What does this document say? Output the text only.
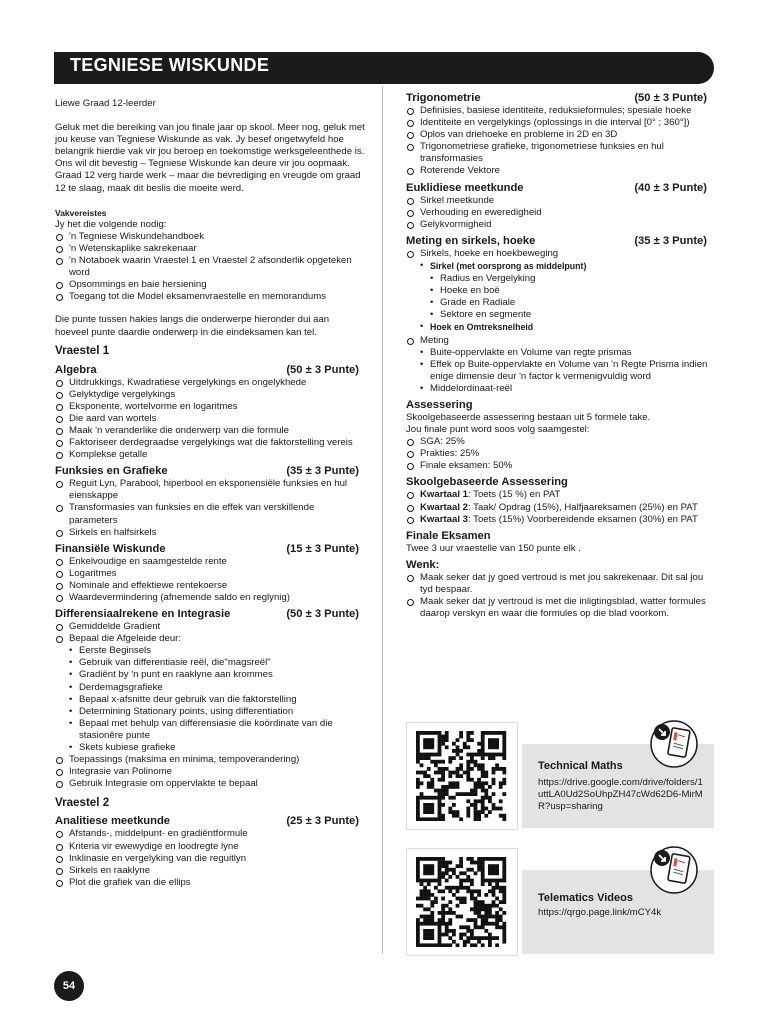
TEGNIESE WISKUNDE

Liewe Graad 12-leerder

Geluk met die bereiking van jou finale jaar op skool. Meer nog, geluk met jou keuse van Tegniese Wiskunde as vak. Jy besef ongetwyfeld hoe belangrik hierdie vak vir jou beroep en toekomstige werksgeleenthede is. Ons wil dit bevestig – Tegniese Wiskunde kan deure vir jou oopmaak. Graad 12 verg harde werk – maar die bevrediging en vreugde om graad 12 te slaag, maak dit beslis die moeite werd.

Vakvereistes

Jy het die volgende nodig:

'n Tegniese Wiskundehandboek
'n Wetenskaplike sakrekenaar
'n Notaboek waarin Vraestel 1 en Vraestel 2 afsonderlik opgeteken word
Opsommings en baie hersiening
Toegang tot die Model eksamenvraestelle en memorandums

Die punte tussen hakies langs die onderwerpe hieronder dui aan hoeveel punte daardie onderwerp in die eindeksamen kan tel.

Vraestel 1
Algebra	(50 ± 3 Punte)
Uitdrukkings, Kwadratiese vergelykings en ongelykhede
Gelyktydige vergelykings
Eksponente, wortelvorme en logaritmes
Die aard van wortels
Maak 'n veranderlike die onderwerp van die formule
Faktoriseer derdegraadse vergelykings wat die faktorstelling vereis
Komplekse getalle
Funksies en Grafieke	(35 ± 3 Punte)
Reguit Lyn, Parabool, hiperbool en eksponensiële funksies en hul eienskappe
Transformasies van funksies en die effek van verskillende parameters
Sirkels en halfsirkels
Finansiële Wiskunde	(15 ± 3 Punte)
Enkelvoudige en saamgestelde rente
Logaritmes
Nominale and effektiewe rentekoerse
Waardevermindering (afnemende saldo en reglynig)
Differensiaalrekene en Integrasie	(50 ± 3 Punte)
Gemiddelde Gradient
Bepaal die Afgeleide deur:
• Eerste Beginsels
• Gebruik van differentiasie reël, die"magsreël"
• Gradiënt by 'n punt en raaklyne aan krommes
• Derdemagsgrafieke
• Bepaal x-afsnitte deur gebruik van die faktorstelling
• Determining Stationary points, using differentiation
• Bepaal met behulp van differensiasie die koördinate van die stasionêre punte
• Skets kubiese grafieke
Toepassings (maksima en minima, tempoverandering)
Integrasie van Polinome
Gebruik Integrasie om oppervlakte te bepaal
Vraestel 2
Analitiese meetkunde	(25 ± 3 Punte)
Afstands-, middelpunt- en gradiëntformule
Kriteria vir ewewydige en loodregte lyne
Inklinasie en vergelyking van die reguitlyn
Sirkels en raaklyne
Plot die grafiek van die ellips
Trigonometrie	(50 ± 3 Punte)
Definisies, basiese identiteite, reduksieformules; spesiale hoeke
Identiteite en vergelykings (oplossings in die interval [0° ; 360°])
Oplos van driehoeke en probleme in 2D en 3D
Trigonometriese grafieke, trigonometriese funksies en hul transformasies
Roterende Vektore
Euklidiese meetkunde	(40 ± 3 Punte)
Sirkel meetkunde
Verhouding en eweredigheid
Gelykvormigheid
Meting en sirkels, hoeke	(35 ± 3 Punte)
Sirkels, hoeke en hoekbeweging
• Sirkel (met oorsprong as middelpunt)
• Radius en Vergelyking
• Hoeke en boë
• Grade en Radiale
• Sektore en segmente
• Hoek en Omtreksnelheid
Meting
• Buite-oppervlakte en Volume van regte prismas
• Effek op Buite-oppervlakte en Volume van 'n Regte Prisma indien enige dimensie deur 'n factor k vermenigvuldig word
• Middelordinaat-reël
Assessering

Skoolgebaseerde assessering bestaan uit 5 formele take.

Jou finale punt word soos volg saamgestel:

SGA: 25%
Prakties: 25%
Finale eksamen: 50%
Skoolgebaseerde Assessering
Kwartaal 1: Toets (15 %) en PAT
Kwartaal 2: Taak/ Opdrag (15%), Halfjaareksamen (25%) en PAT
Kwartaal 3: Toets (15%) Voorbereidende eksamen (30%) en PAT
Finale Eksamen

Twee 3 uur vraestelle van 150 punte elk .

Wenk:
Maak seker dat jy goed vertroud is met jou sakrekenaar. Dit sal jou tyd bespaar.
Maak seker dat jy vertroud is met die inligtingsblad, watter formules daarop verskyn en waar die formules op die blad voorkom.
Technical Maths
https://drive.google.com/drive/folders/1uttLA0Ud2SoUhpZH47cWd62D6-MirMR?usp=sharing
Telematics Videos
https://qrgo.page.link/mCY4k
54
